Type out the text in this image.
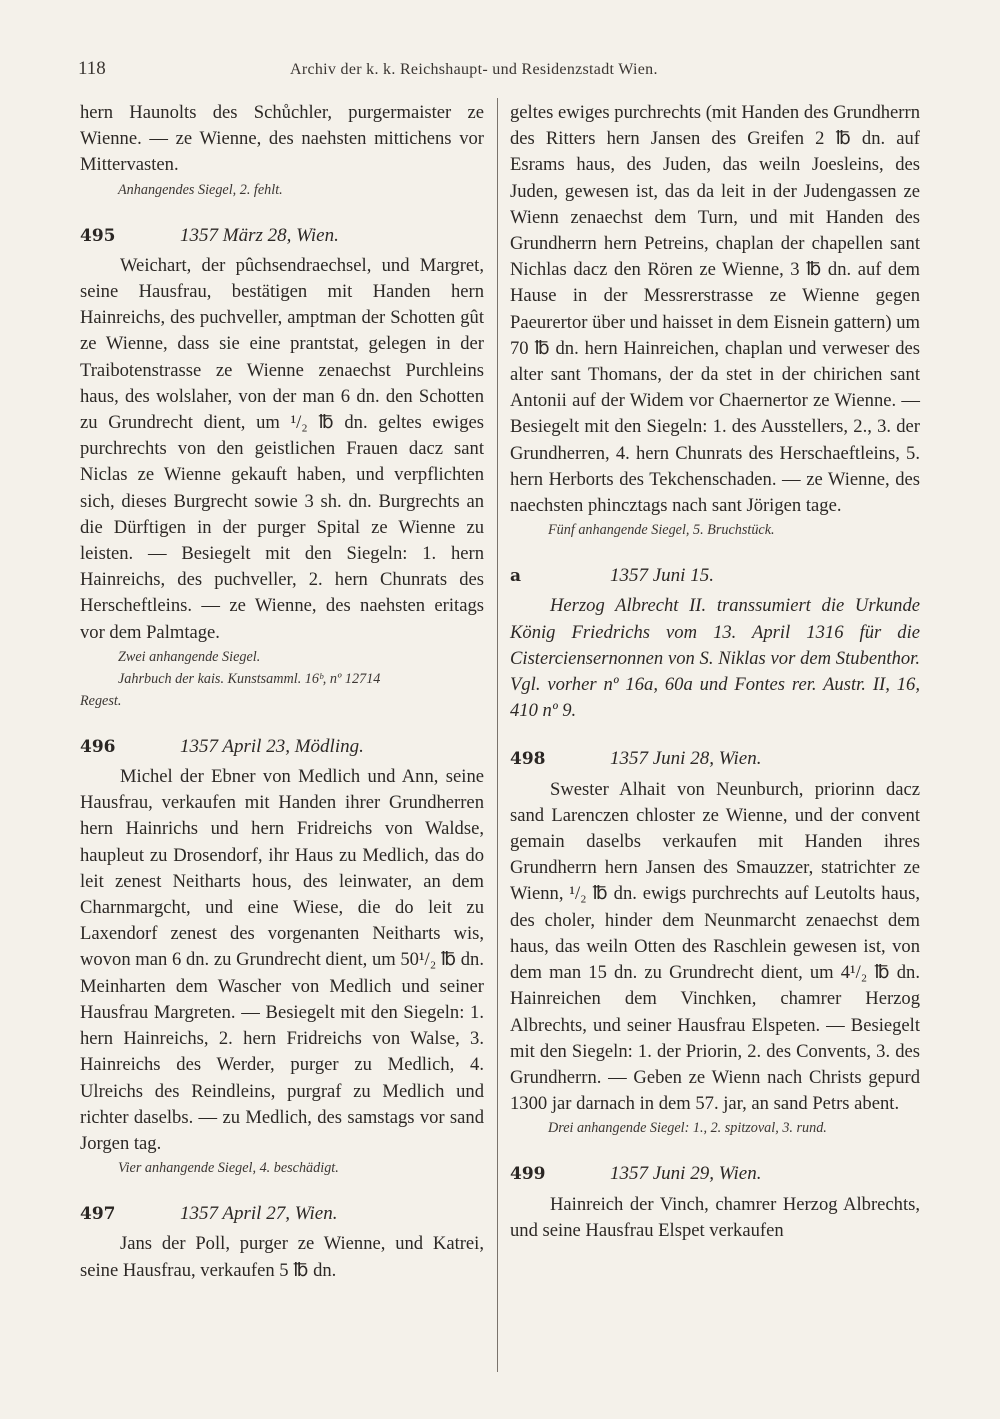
118	Archiv der k. k. Reichshaupt- und Residenzstadt Wien.

hern Haunolts des Schůchler, purgermaister ze Wienne. — ze Wienne, des naehsten mittichens vor Mittervasten.

Anhangendes Siegel, 2. fehlt.

495	1357 März 28, Wien.

Weichart, der pûchsendraechsel, und Margret, seine Hausfrau, bestätigen mit Handen hern Hainreichs, des puchveller, amptman der Schotten gût ze Wienne, dass sie eine prantstat, gelegen in der Traibotenstrasse ze Wienne zenaechst Purchleins haus, des wolslaher, von der man 6 dn. den Schotten zu Grundrecht dient, um ¹/₂ ℔ dn. geltes ewiges purchrechts von den geistlichen Frauen dacz sant Niclas ze Wienne gekauft haben, und verpflichten sich, dieses Burgrecht sowie 3 sh. dn. Burgrechts an die Dürftigen in der purger Spital ze Wienne zu leisten. — Besiegelt mit den Siegeln: 1. hern Hainreichs, des puchveller, 2. hern Chunrats des Herscheftleins. — ze Wienne, des naehsten eritags vor dem Palmtage.

Zwei anhangende Siegel.

Jahrbuch der kais. Kunstsamml. 16ᵇ, nº 12714

Regest.

496	1357 April 23, Mödling.

Michel der Ebner von Medlich und Ann, seine Hausfrau, verkaufen mit Handen ihrer Grundherren hern Hainrichs und hern Fridreichs von Waldse, haupleut zu Drosendorf, ihr Haus zu Medlich, das do leit zenest Neitharts hous, des leinwater, an dem Charnmargcht, und eine Wiese, die do leit zu Laxendorf zenest des vorgenanten Neitharts wis, wovon man 6 dn. zu Grundrecht dient, um 50¹/₂ ℔ dn. Meinharten dem Wascher von Medlich und seiner Hausfrau Margreten. — Besiegelt mit den Siegeln: 1. hern Hainreichs, 2. hern Fridreichs von Walse, 3. Hainreichs des Werder, purger zu Medlich, 4. Ulreichs des Reindleins, purgraf zu Medlich und richter daselbs. — zu Medlich, des samstags vor sand Jorgen tag.

Vier anhangende Siegel, 4. beschädigt.

497	1357 April 27, Wien.

Jans der Poll, purger ze Wienne, und Katrei, seine Hausfrau, verkaufen 5 ℔ dn.

geltes ewiges purchrechts (mit Handen des Grundherrn des Ritters hern Jansen des Greifen 2 ℔ dn. auf Esrams haus, des Juden, das weiln Joesleins, des Juden, gewesen ist, das da leit in der Judengassen ze Wienn zenaechst dem Turn, und mit Handen des Grundherrn hern Petreins, chaplan der chapellen sant Nichlas dacz den Rören ze Wienne, 3 ℔ dn. auf dem Hause in der Messrerstrasse ze Wienne gegen Paeurertor über und haisset in dem Eisnein gattern) um 70 ℔ dn. hern Hainreichen, chaplan und verweser des alter sant Thomans, der da stet in der chirichen sant Antonii auf der Widem vor Chaernertor ze Wienne. — Besiegelt mit den Siegeln: 1. des Ausstellers, 2., 3. der Grundherren, 4. hern Chunrats des Herschaeftleins, 5. hern Herborts des Tekchenschaden. — ze Wienne, des naechsten phincztags nach sant Jörigen tage.

Fünf anhangende Siegel, 5. Bruchstück.

a	1357 Juni 15.

Herzog Albrecht II. transsumiert die Urkunde König Friedrichs vom 13. April 1316 für die Cisterciensernonnen von S. Niklas vor dem Stubenthor. Vgl. vorher nº 16a, 60a und Fontes rer. Austr. II, 16, 410 nº 9.

498	1357 Juni 28, Wien.

Swester Alhait von Neunburch, priorinn dacz sand Larenczen chloster ze Wienne, und der convent gemain daselbs verkaufen mit Handen ihres Grundherrn hern Jansen des Smauzzer, statrichter ze Wienn, ¹/₂ ℔ dn. ewigs purchrechts auf Leutolts haus, des choler, hinder dem Neunmarcht zenaechst dem haus, das weiln Otten des Raschlein gewesen ist, von dem man 15 dn. zu Grundrecht dient, um 4¹/₂ ℔ dn. Hainreichen dem Vinchken, chamrer Herzog Albrechts, und seiner Hausfrau Elspeten. — Besiegelt mit den Siegeln: 1. der Priorin, 2. des Convents, 3. des Grundherrn. — Geben ze Wienn nach Christs gepurd 1300 jar darnach in dem 57. jar, an sand Petrs abent.

Drei anhangende Siegel: 1., 2. spitzoval, 3. rund.

499	1357 Juni 29, Wien.

Hainreich der Vinch, chamrer Herzog Albrechts, und seine Hausfrau Elspet verkaufen
